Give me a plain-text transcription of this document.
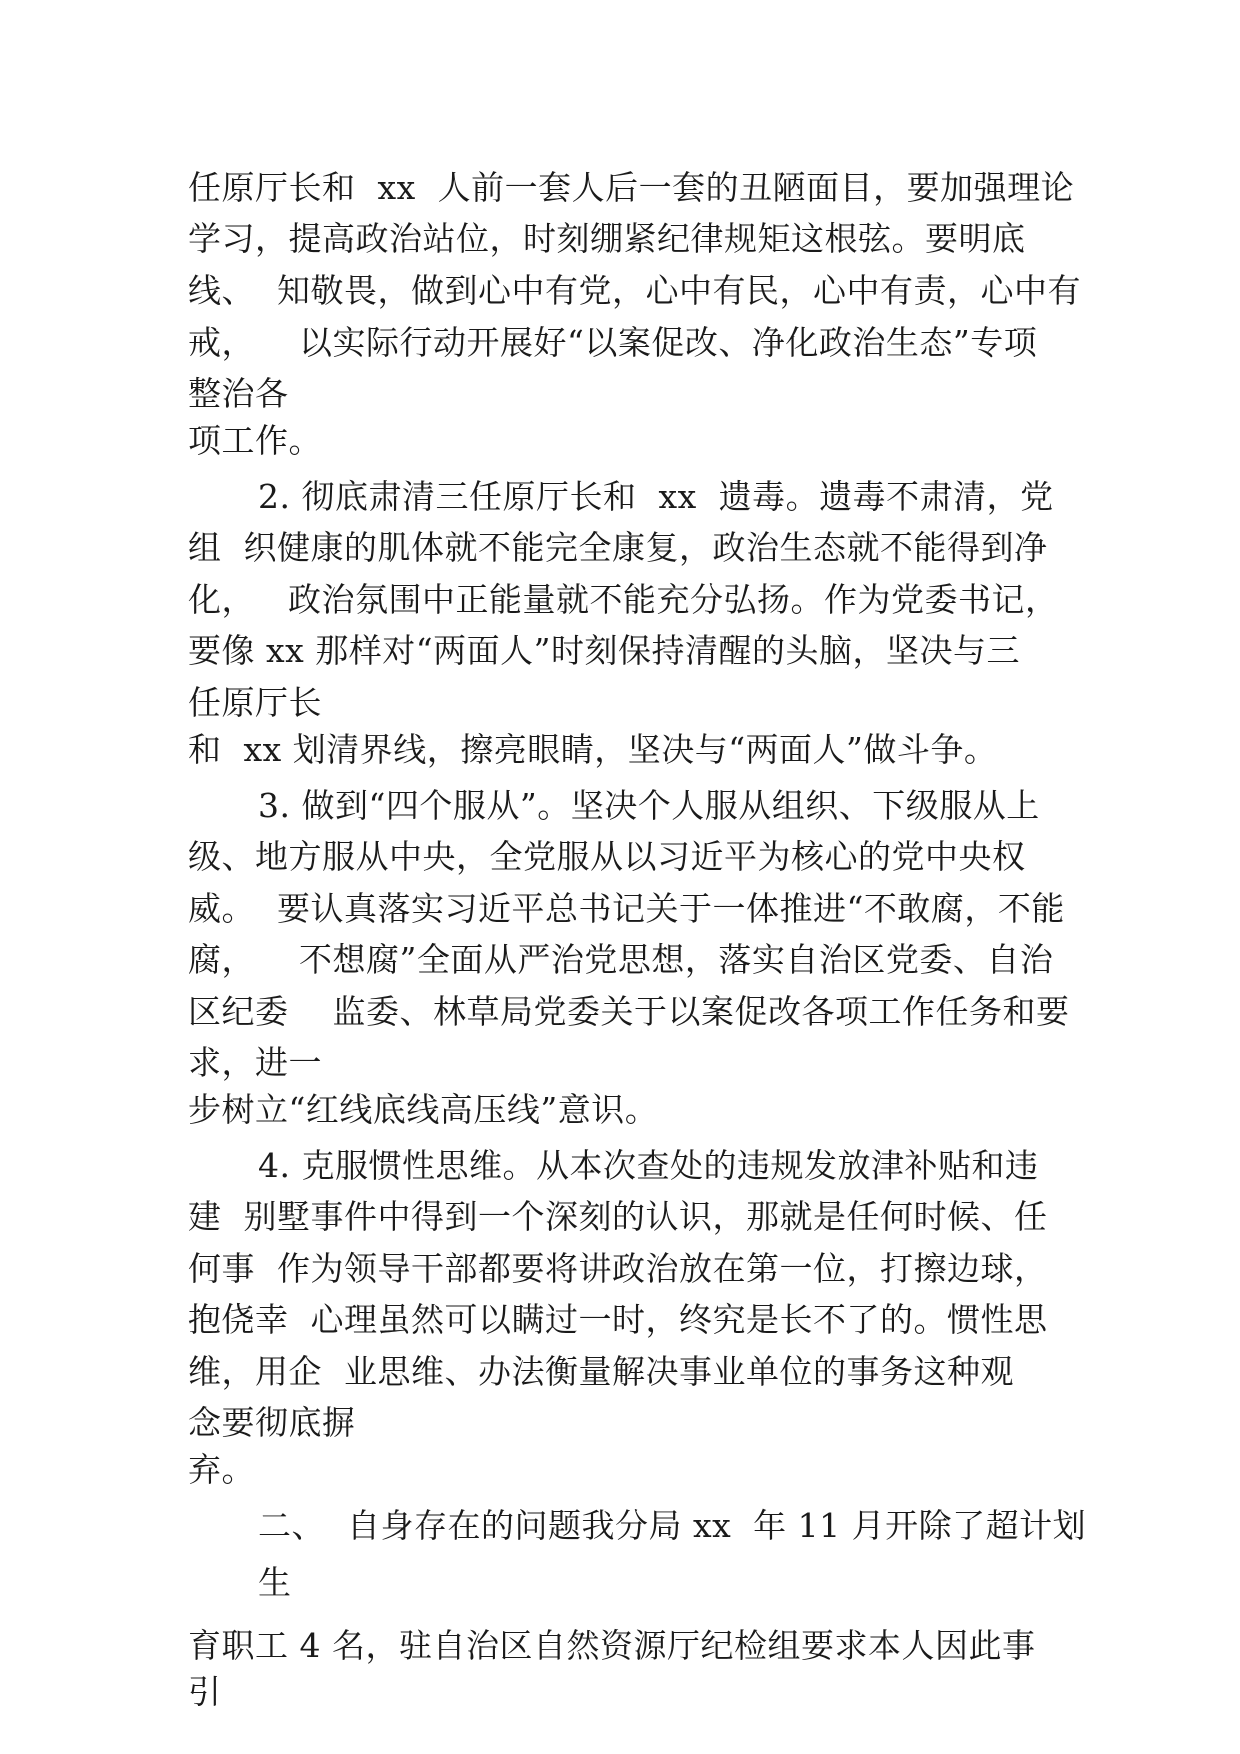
任原厅长和  xx  人前一套人后一套的丑陋面目，要加强理论
学习，提高政治站位，时刻绷紧纪律规矩这根弦。要明底
线、  知敬畏，做到心中有党，心中有民，心中有责，心中有
戒，    以实际行动开展好“以案促改、净化政治生态”专项
整治各
项工作。
2. 彻底肃清三任原厅长和  xx  遗毒。遗毒不肃清，党
组  织健康的肌体就不能完全康复，政治生态就不能得到净
化，   政治氛围中正能量就不能充分弘扬。作为党委书记，
要像 xx 那样对“两面人”时刻保持清醒的头脑，坚决与三
任原厅长
和  xx 划清界线，擦亮眼睛，坚决与“两面人”做斗争。
3. 做到“四个服从”。坚决个人服从组织、下级服从上
级、地方服从中央，全党服从以习近平为核心的党中央权
威。  要认真落实习近平总书记关于一体推进“不敢腐，不能
腐，    不想腐”全面从严治党思想，落实自治区党委、自治
区纪委    监委、林草局党委关于以案促改各项工作任务和要
求，进一
步树立“红线底线高压线”意识。
4. 克服惯性思维。从本次查处的违规发放津补贴和违
建  别墅事件中得到一个深刻的认识，那就是任何时候、任
何事  作为领导干部都要将讲政治放在第一位，打擦边球，
抱侥幸  心理虽然可以瞒过一时，终究是长不了的。惯性思
维，用企  业思维、办法衡量解决事业单位的事务这种观
念要彻底摒
弃。
二、  自身存在的问题我分局 xx  年 11 月开除了超计划
生
育职工 4 名，驻自治区自然资源厅纪检组要求本人因此事
引
